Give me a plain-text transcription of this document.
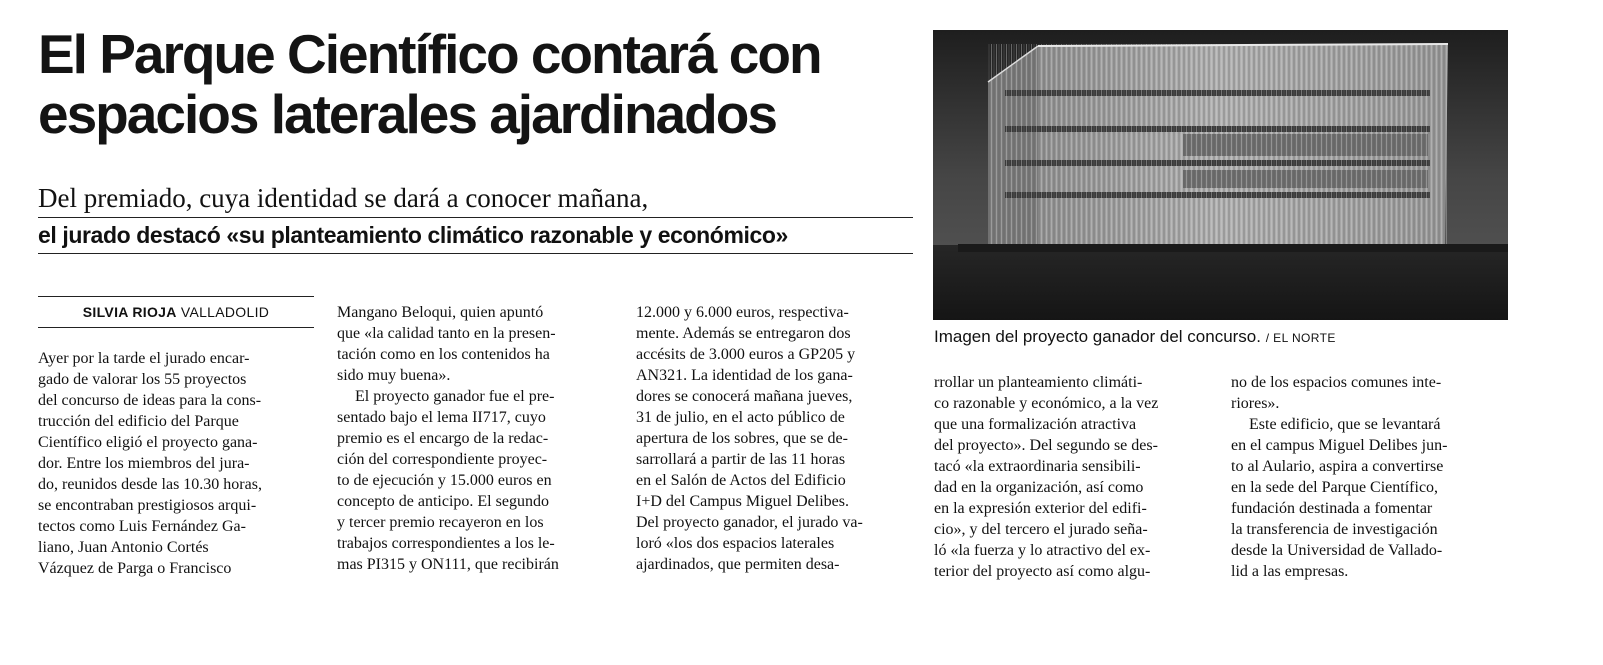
El Parque Científico contará con
espacios laterales ajardinados
Del premiado, cuya identidad se dará a conocer mañana,
el jurado destacó «su planteamiento climático razonable y económico»
SILVIA RIOJA VALLADOLID
Ayer por la tarde el jurado encar-
gado de valorar los 55 proyectos
del concurso de ideas para la cons-
trucción del edificio del Parque
Científico eligió el proyecto gana-
dor. Entre los miembros del jura-
do, reunidos desde las 10.30 horas,
se encontraban prestigiosos arqui-
tectos como Luis Fernández Ga-
liano, Juan Antonio Cortés
Vázquez de Parga o Francisco
Mangano Beloqui, quien apuntó
que «la calidad tanto en la presen-
tación como en los contenidos ha
sido muy buena».
El proyecto ganador fue el pre-
sentado bajo el lema II717, cuyo
premio es el encargo de la redac-
ción del correspondiente proyec-
to de ejecución y 15.000 euros en
concepto de anticipo. El segundo
y tercer premio recayeron en los
trabajos correspondientes a los le-
mas PI315 y ON111, que recibirán
12.000 y 6.000 euros, respectiva-
mente. Además se entregaron dos
accésits de 3.000 euros a GP205 y
AN321. La identidad de los gana-
dores se conocerá mañana jueves,
31 de julio, en el acto público de
apertura de los sobres, que se de-
sarrollará a partir de las 11 horas
en el Salón de Actos del Edificio
I+D del Campus Miguel Delibes.
Del proyecto ganador, el jurado va-
loró «los dos espacios laterales
ajardinados, que permiten desa-
Imagen del proyecto ganador del concurso. / EL NORTE
rrollar un planteamiento climáti-
co razonable y económico, a la vez
que una formalización atractiva
del proyecto». Del segundo se des-
tacó «la extraordinaria sensibili-
dad en la organización, así como
en la expresión exterior del edifi-
cio», y del tercero el jurado seña-
ló «la fuerza y lo atractivo del ex-
terior del proyecto así como algu-
no de los espacios comunes inte-
riores».
Este edificio, que se levantará
en el campus Miguel Delibes jun-
to al Aulario, aspira a convertirse
en la sede del Parque Científico,
fundación destinada a fomentar
la transferencia de investigación
desde la Universidad de Vallado-
lid a las empresas.
